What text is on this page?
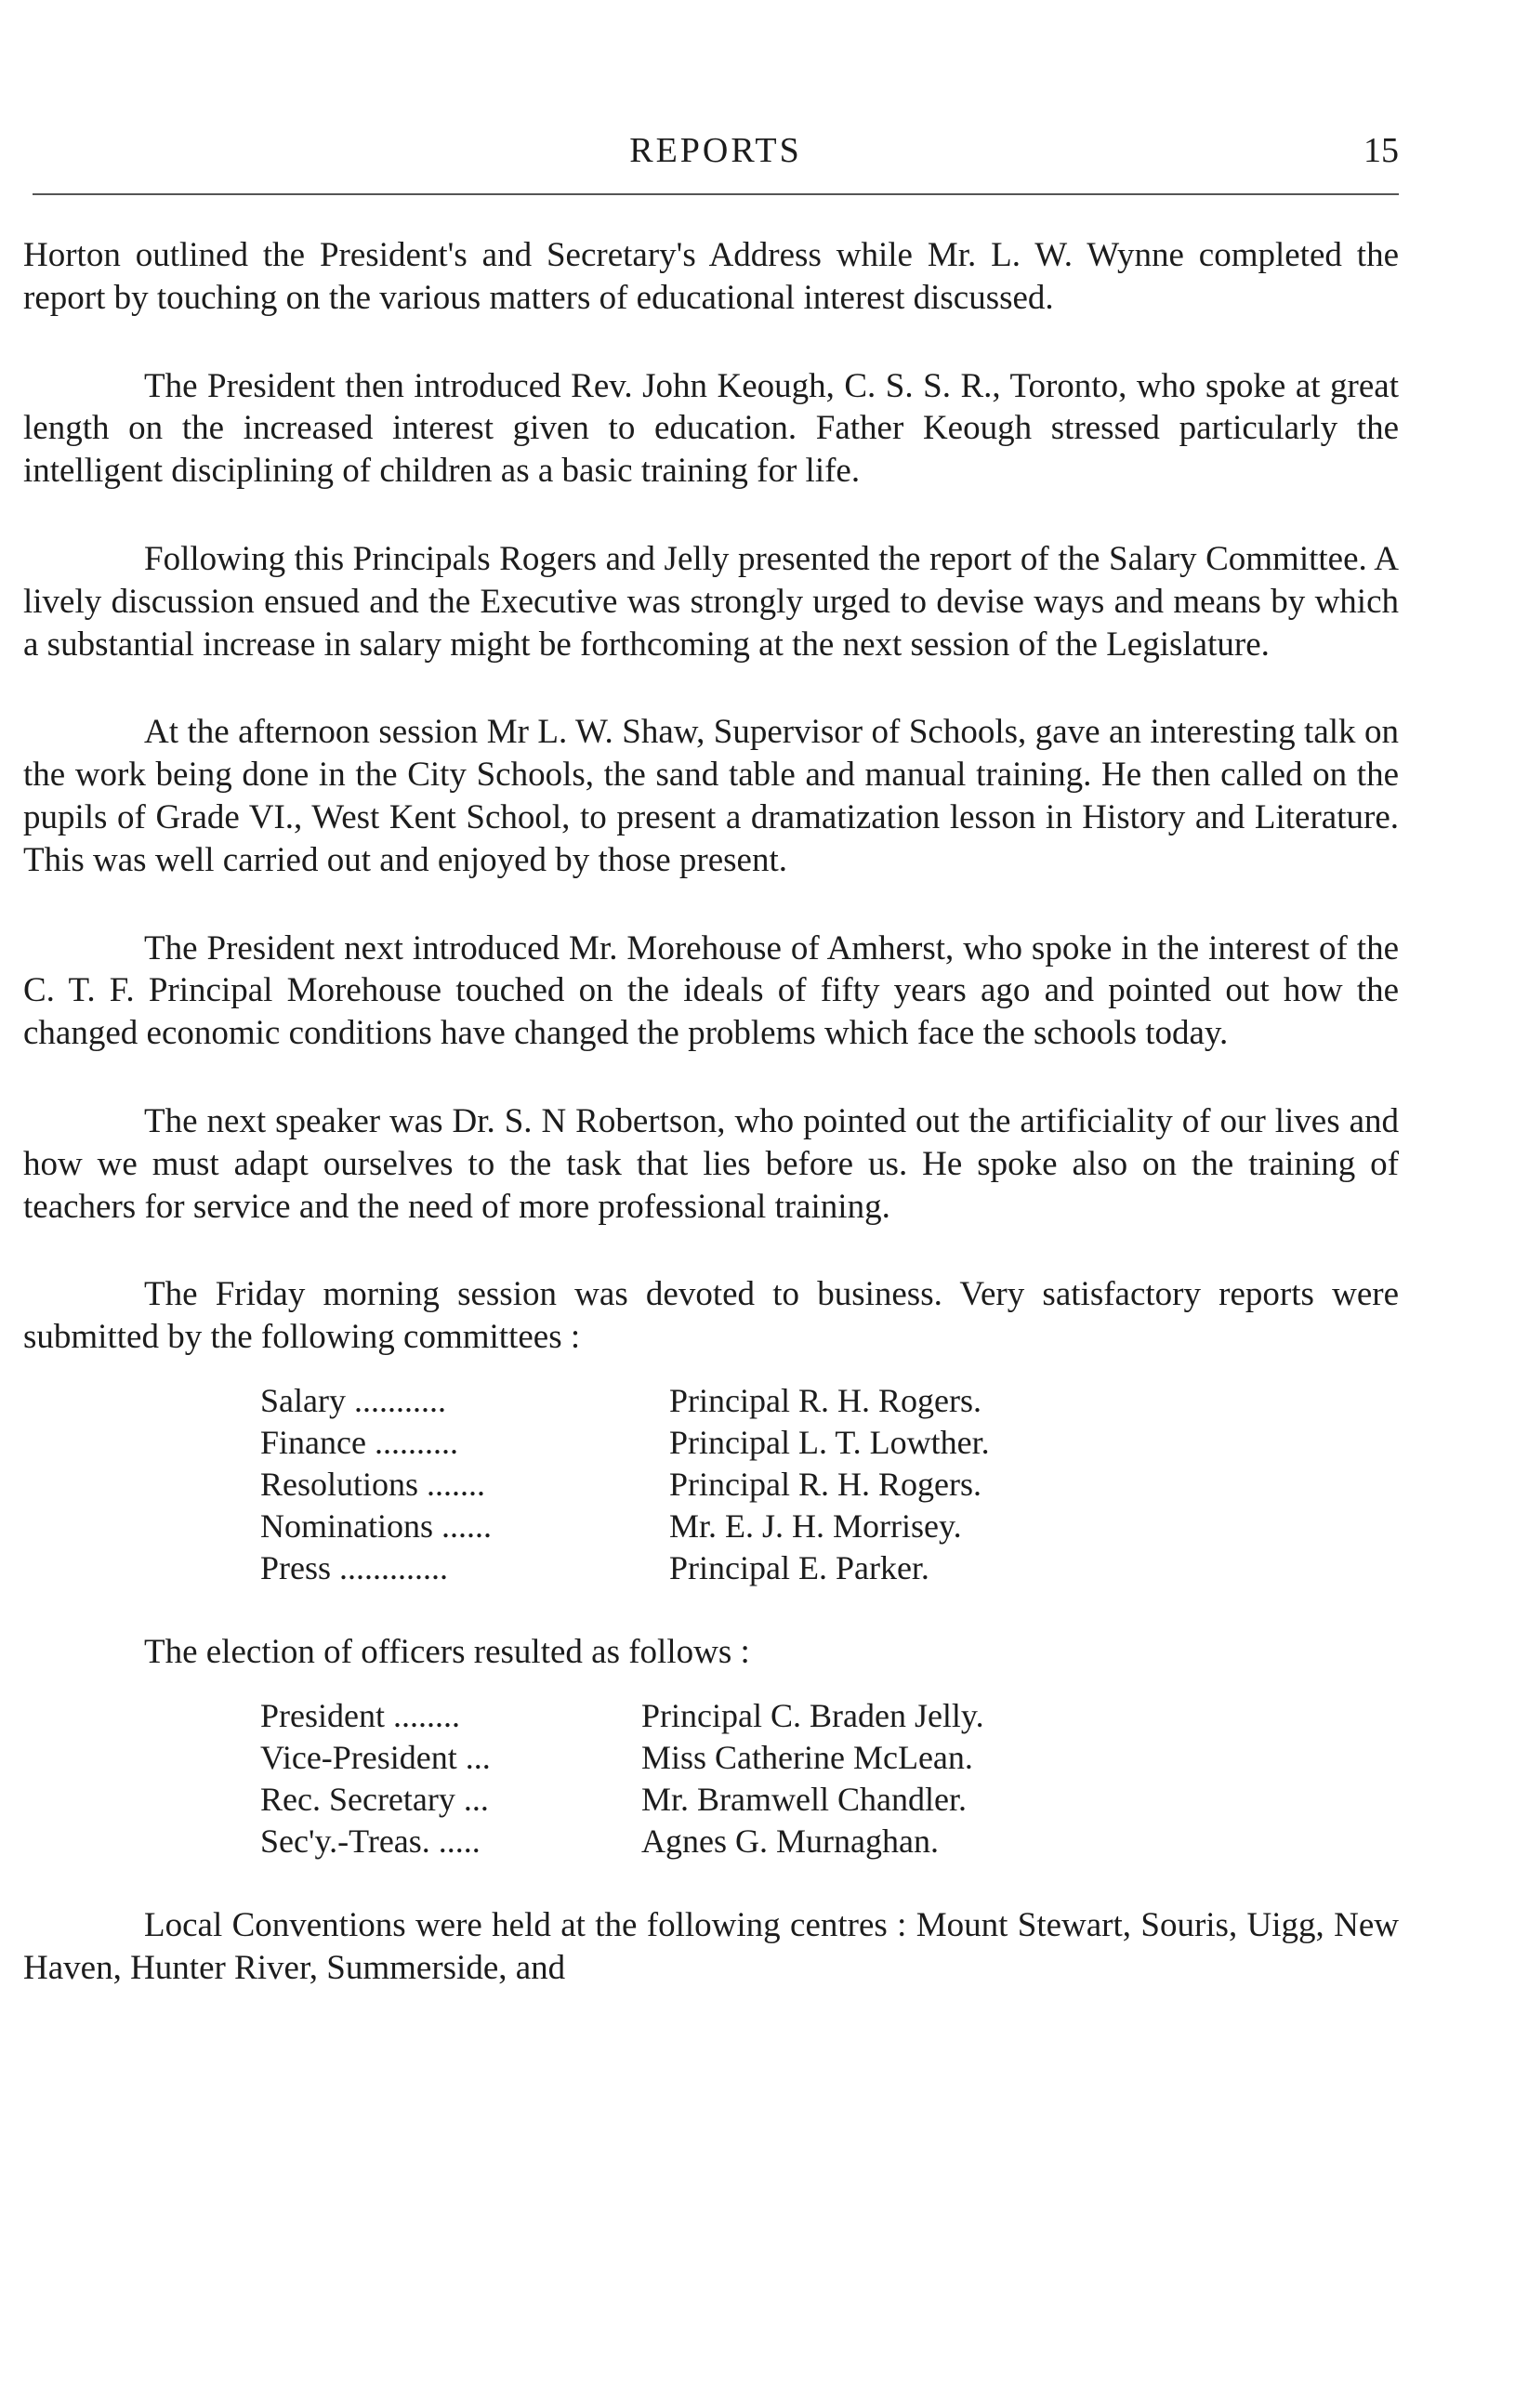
REPORTS	15

Horton outlined the President's and Secretary's Address while Mr. L. W. Wynne completed the report by touching on the various matters of educational interest discussed.

The President then introduced Rev. John Keough, C. S. S. R., Toronto, who spoke at great length on the increased interest given to education. Father Keough stressed particularly the intelligent disciplining of children as a basic training for life.

Following this Principals Rogers and Jelly presented the report of the Salary Committee. A lively discussion ensued and the Executive was strongly urged to devise ways and means by which a substantial increase in salary might be forthcoming at the next session of the Legislature.

At the afternoon session Mr L. W. Shaw, Supervisor of Schools, gave an interesting talk on the work being done in the City Schools, the sand table and manual training. He then called on the pupils of Grade VI., West Kent School, to present a dramatization lesson in History and Literature. This was well carried out and enjoyed by those present.

The President next introduced Mr. Morehouse of Amherst, who spoke in the interest of the C. T. F. Principal Morehouse touched on the ideals of fifty years ago and pointed out how the changed economic conditions have changed the problems which face the schools today.

The next speaker was Dr. S. N Robertson, who pointed out the artificiality of our lives and how we must adapt ourselves to the task that lies before us. He spoke also on the training of teachers for service and the need of more professional training.

The Friday morning session was devoted to business. Very satisfactory reports were submitted by the following committees :

Salary ...........	Principal R. H. Rogers.
Finance ..........	Principal L. T. Lowther.
Resolutions .......	Principal R. H. Rogers.
Nominations ......	Mr. E. J. H. Morrisey.
Press .............	Principal E. Parker.

The election of officers resulted as follows :

President ........	Principal C. Braden Jelly.
Vice-President ...	Miss Catherine McLean.
Rec. Secretary ...	Mr. Bramwell Chandler.
Sec'y.-Treas. .....	Agnes G. Murnaghan.

Local Conventions were held at the following centres : Mount Stewart, Souris, Uigg, New Haven, Hunter River, Summerside, and
